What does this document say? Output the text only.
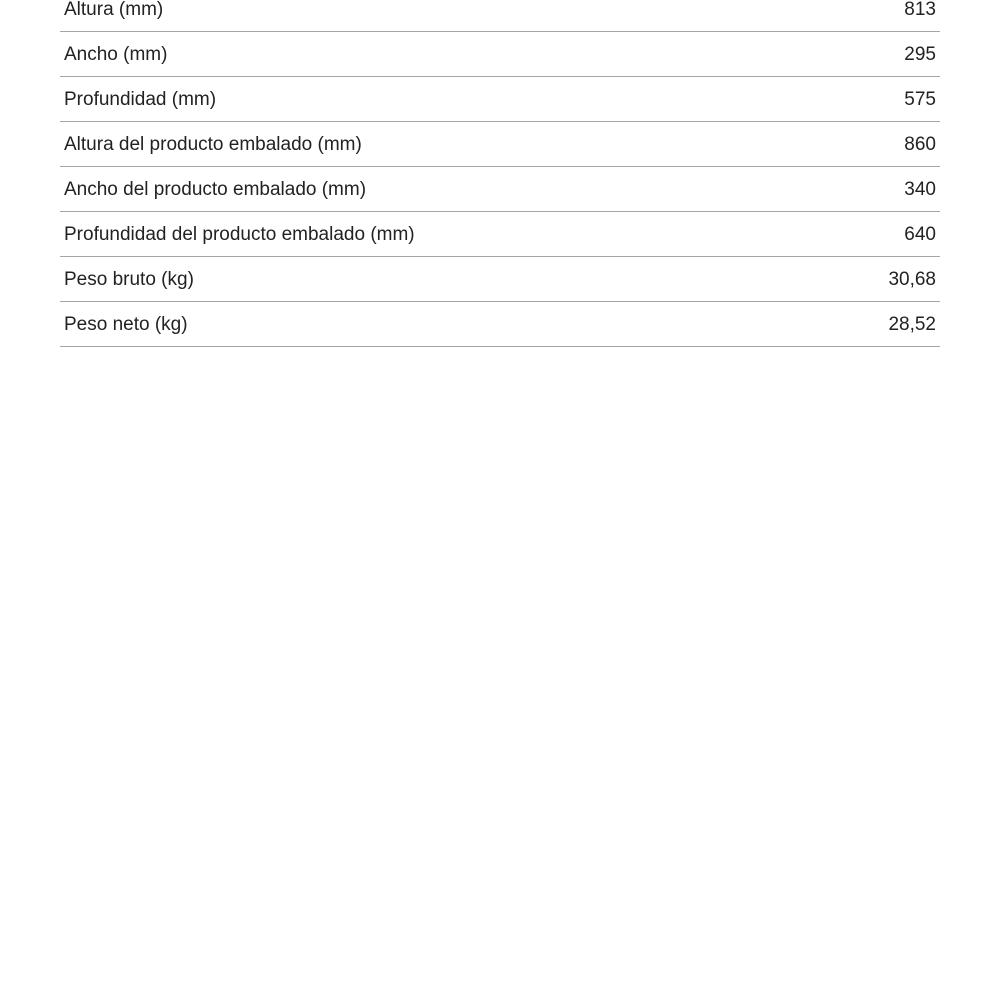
Altura (mm)	813
Ancho (mm)	295
Profundidad (mm)	575
Altura del producto embalado (mm)	860
Ancho del producto embalado (mm)	340
Profundidad del producto embalado (mm)	640
Peso bruto (kg)	30,68
Peso neto (kg)	28,52
